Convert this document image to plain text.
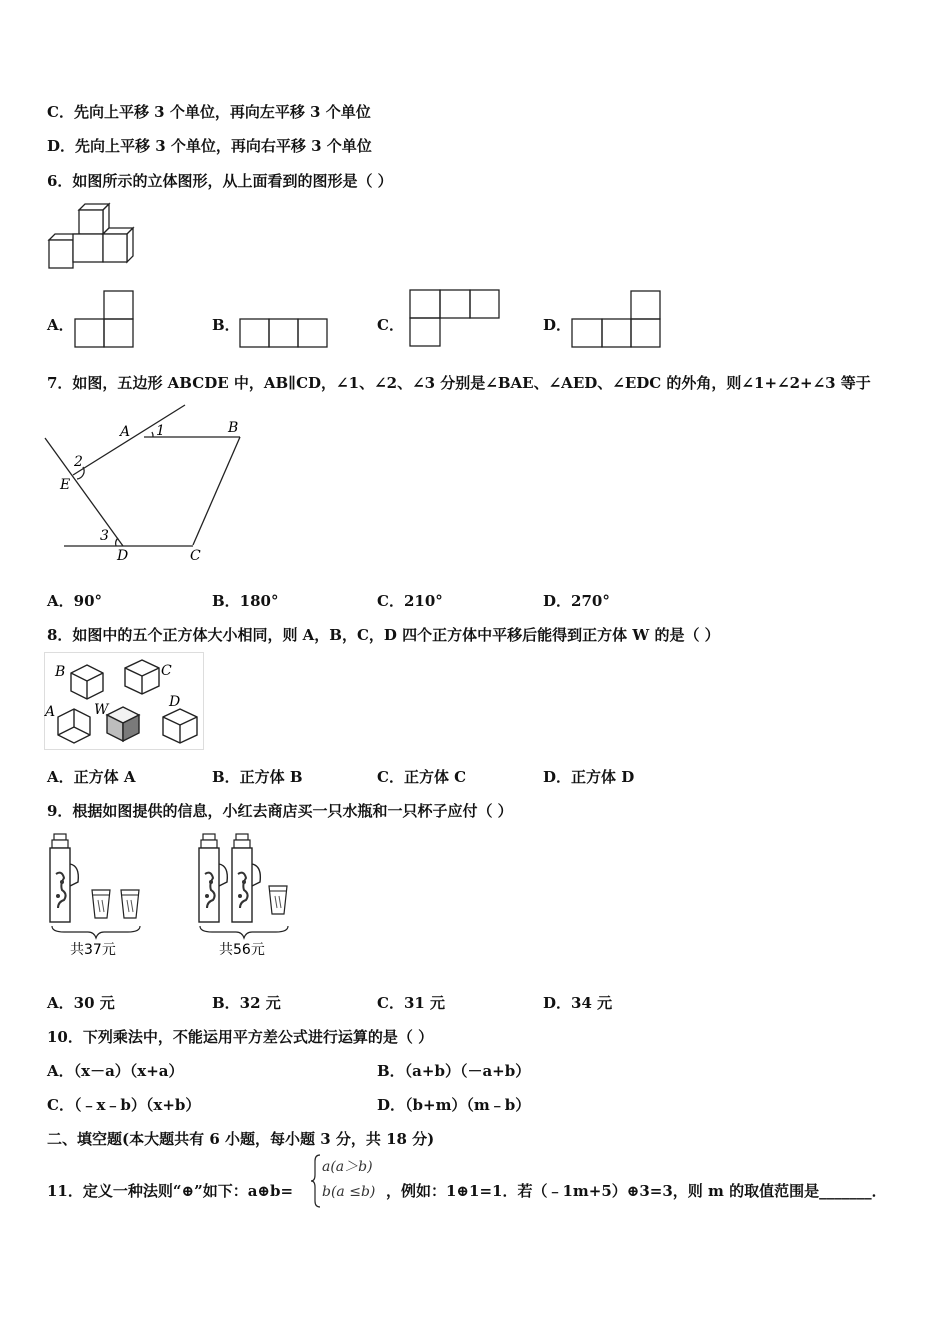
C．先向上平移 3 个单位，再向左平移 3 个单位
D．先向上平移 3 个单位，再向右平移 3 个单位
6．如图所示的立体图形，从上面看到的图形是（ ）
A．	B．	C．	D．
7．如图，五边形 ABCDE 中，AB∥CD，∠1、∠2、∠3 分别是∠BAE、∠AED、∠EDC 的外角，则∠1+∠2+∠3 等于
A 1	B
2
E
3
D	C
A．90°	B．180°	C．210°	D．270°
8．如图中的五个正方体大小相同，则 A，B，C，D 四个正方体中平移后能得到正方体 W 的是（ ）
B	C
D
A	W
A．正方体 A	B．正方体 B	C．正方体 C	D．正方体 D
9．根据如图提供的信息，小红去商店买一只水瓶和一只杯子应付（ ）
共37元	共56元
A．30 元	B．32 元	C．31 元	D．34 元
10．下列乘法中，不能运用平方差公式进行运算的是（ ）
A．（x－a）（x+a）	B．（a+b）（－a+b）
C．（﹣x﹣b）（x+b）	D．（b+m）（m﹣b）
二、填空题(本大题共有 6 小题，每小题 3 分，共 18 分)
11．定义一种法则“⊕”如下：a⊕b=
a(a＞b)
b(a ≤b) ，例如：1⊕1=1．若（﹣1m+5）⊕3=3，则 m 的取值范围是_______．
